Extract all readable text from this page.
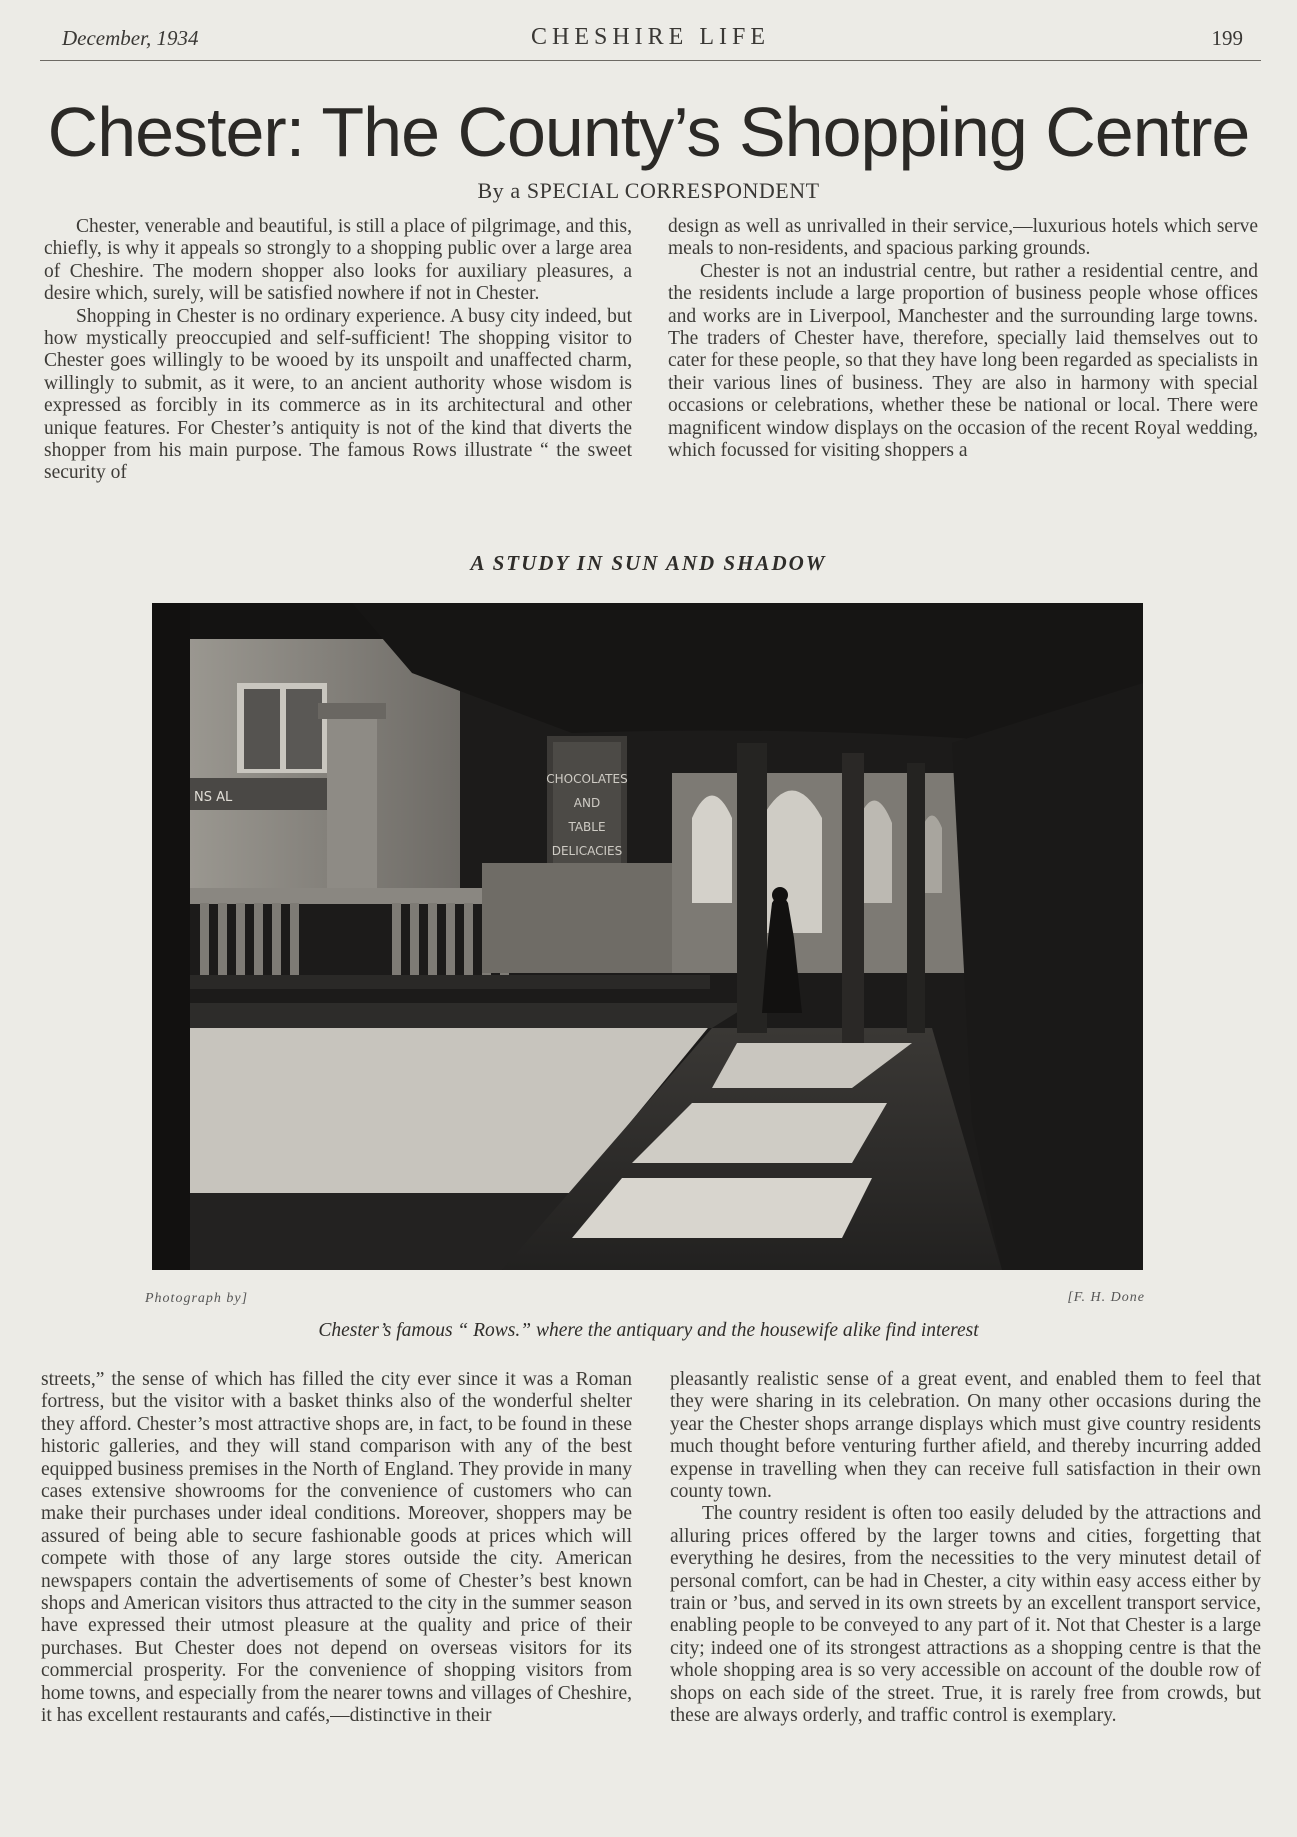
December, 1934	CHESHIRE LIFE	199
Chester: The County’s Shopping Centre
By a SPECIAL CORRESPONDENT

Chester, venerable and beautiful, is still a place of pilgrimage, and this, chiefly, is why it appeals so strongly to a shopping public over a large area of Cheshire. The modern shopper also looks for auxiliary pleasures, a desire which, surely, will be satisfied nowhere if not in Chester.

Shopping in Chester is no ordinary experience. A busy city indeed, but how mystically preoccupied and self-sufficient! The shopping visitor to Chester goes willingly to be wooed by its unspoilt and unaffected charm, willingly to submit, as it were, to an ancient authority whose wisdom is expressed as forcibly in its commerce as in its architectural and other unique features. For Chester’s antiquity is not of the kind that diverts the shopper from his main purpose. The famous Rows illustrate “ the sweet security of

design as well as unrivalled in their service,—luxurious hotels which serve meals to non-residents, and spacious parking grounds.

Chester is not an industrial centre, but rather a residential centre, and the residents include a large proportion of business people whose offices and works are in Liverpool, Manchester and the surrounding large towns. The traders of Chester have, therefore, specially laid themselves out to cater for these people, so that they have long been regarded as specialists in their various lines of business. They are also in harmony with special occasions or celebrations, whether these be national or local. There were magnificent window displays on the occasion of the recent Royal wedding, which focussed for visiting shoppers a

A STUDY IN SUN AND SHADOW
CHOCOLATES
AND
TABLE
DELICACIES
NS AL
Photograph by]	[F. H. Done
Chester’s famous “ Rows.” where the antiquary and the housewife alike find interest

streets,” the sense of which has filled the city ever since it was a Roman fortress, but the visitor with a basket thinks also of the wonderful shelter they afford. Chester’s most attractive shops are, in fact, to be found in these historic galleries, and they will stand comparison with any of the best equipped business premises in the North of England. They provide in many cases extensive showrooms for the convenience of customers who can make their purchases under ideal conditions. Moreover, shoppers may be assured of being able to secure fashionable goods at prices which will compete with those of any large stores outside the city. American newspapers contain the advertisements of some of Chester’s best known shops and American visitors thus attracted to the city in the summer season have expressed their utmost pleasure at the quality and price of their purchases. But Chester does not depend on overseas visitors for its commercial prosperity. For the convenience of shopping visitors from home towns, and especially from the nearer towns and villages of Cheshire, it has excellent restaurants and cafés,—distinctive in their

pleasantly realistic sense of a great event, and enabled them to feel that they were sharing in its celebration. On many other occasions during the year the Chester shops arrange displays which must give country residents much thought before venturing further afield, and thereby incurring added expense in travelling when they can receive full satisfaction in their own county town.

The country resident is often too easily deluded by the attractions and alluring prices offered by the larger towns and cities, forgetting that everything he desires, from the necessities to the very minutest detail of personal comfort, can be had in Chester, a city within easy access either by train or ’bus, and served in its own streets by an excellent transport service, enabling people to be conveyed to any part of it. Not that Chester is a large city; indeed one of its strongest attractions as a shopping centre is that the whole shopping area is so very accessible on account of the double row of shops on each side of the street. True, it is rarely free from crowds, but these are always orderly, and traffic control is exemplary.
